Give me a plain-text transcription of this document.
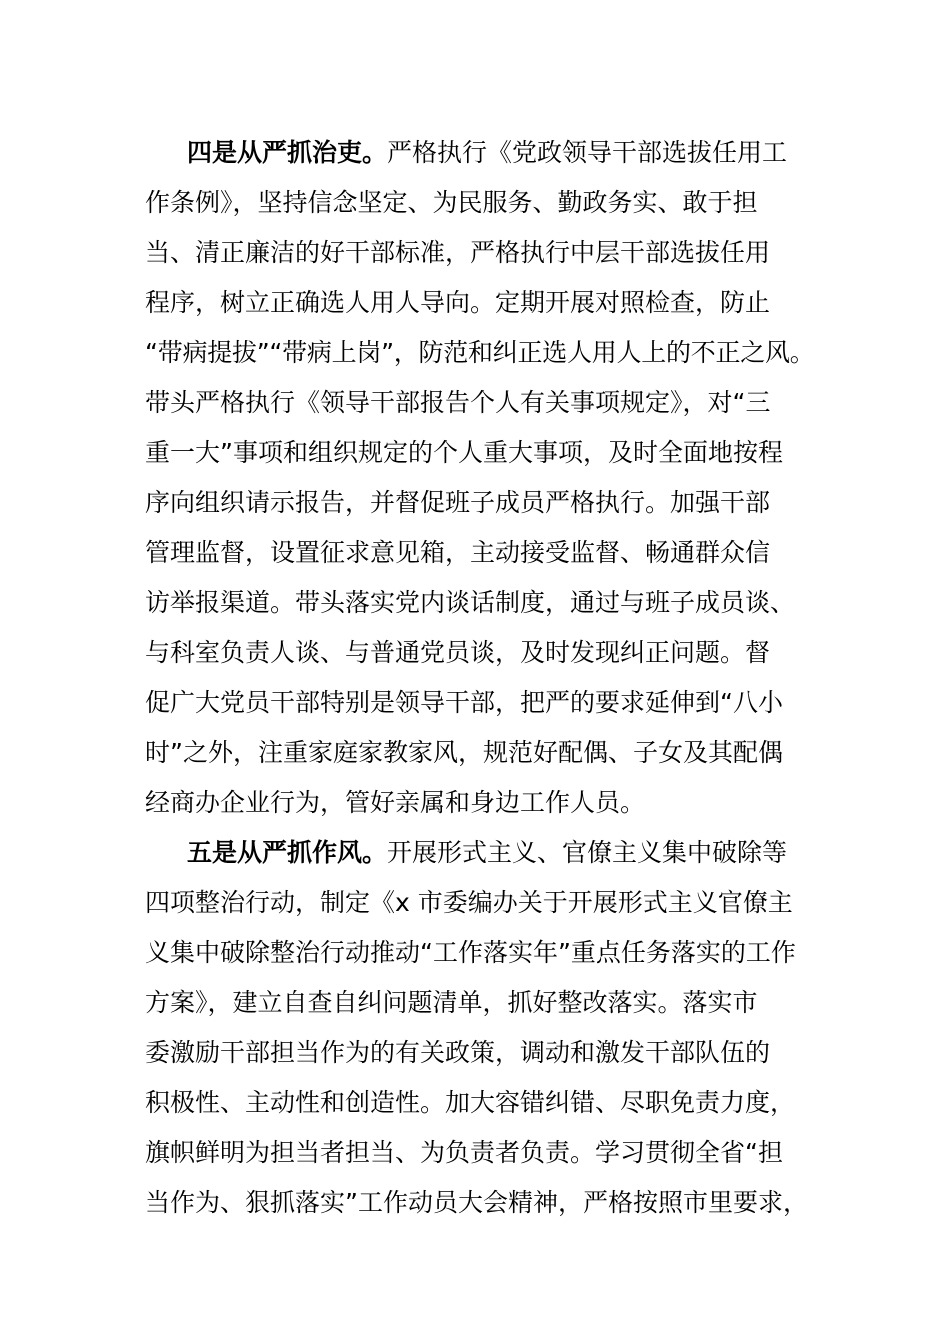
四是从严抓治吏。严格执行《党政领导干部选拔任用工
作条例》，坚持信念坚定、为民服务、勤政务实、敢于担
当、清正廉洁的好干部标准，严格执行中层干部选拔任用
程序，树立正确选人用人导向。定期开展对照检查，防止
“带病提拔”“带病上岗”，防范和纠正选人用人上的不正之风。
带头严格执行《领导干部报告个人有关事项规定》，对“三
重一大”事项和组织规定的个人重大事项，及时全面地按程
序向组织请示报告，并督促班子成员严格执行。加强干部
管理监督，设置征求意见箱，主动接受监督、畅通群众信
访举报渠道。带头落实党内谈话制度，通过与班子成员谈、
与科室负责人谈、与普通党员谈，及时发现纠正问题。督
促广大党员干部特别是领导干部，把严的要求延伸到“八小
时”之外，注重家庭家教家风，规范好配偶、子女及其配偶
经商办企业行为，管好亲属和身边工作人员。
五是从严抓作风。开展形式主义、官僚主义集中破除等
四项整治行动，制定《x 市委编办关于开展形式主义官僚主
义集中破除整治行动推动“工作落实年”重点任务落实的工作
方案》，建立自查自纠问题清单，抓好整改落实。落实市
委激励干部担当作为的有关政策，调动和激发干部队伍的
积极性、主动性和创造性。加大容错纠错、尽职免责力度，
旗帜鲜明为担当者担当、为负责者负责。学习贯彻全省“担
当作为、狠抓落实”工作动员大会精神，严格按照市里要求，
